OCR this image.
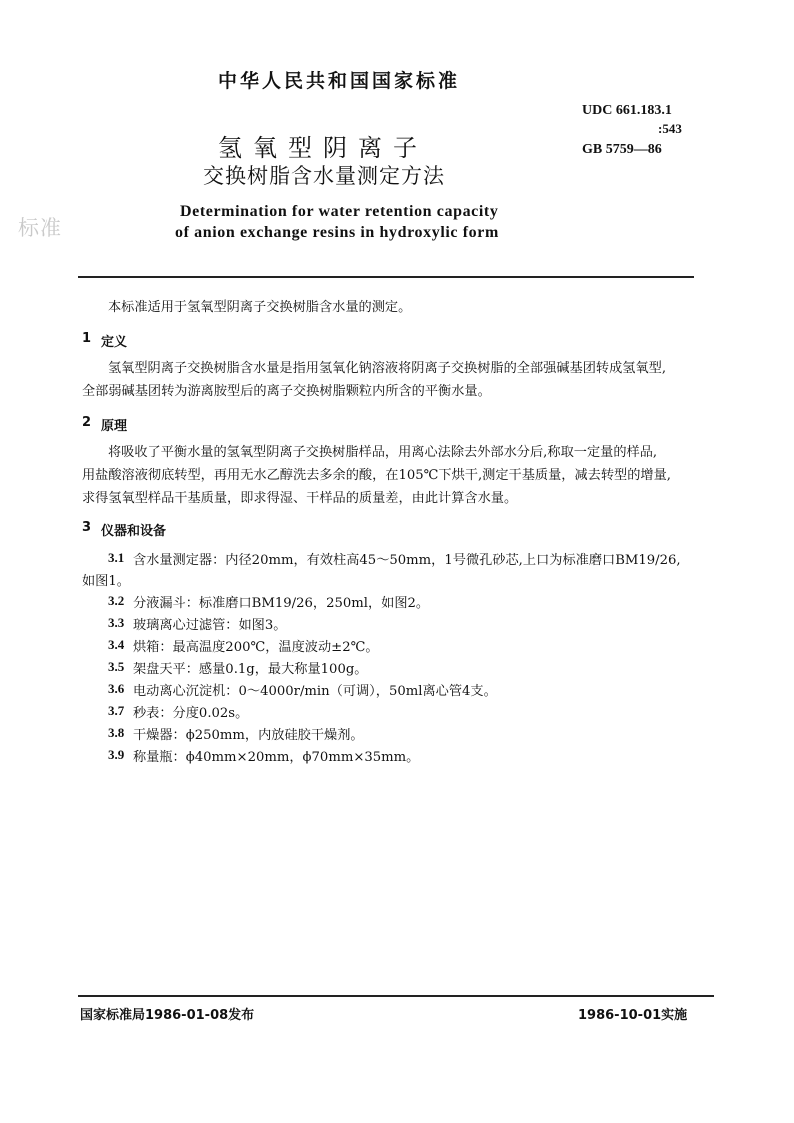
中华人民共和国国家标准
UDC 661.183.1
:543
GB 5759—86
氢氧型阴离子
交换树脂含水量测定方法
标准
Determination for water retention capacity
of anion exchange resins in hydroxylic form
本标准适用于氢氧型阴离子交换树脂含水量的测定。
1 定义
氢氧型阴离子交换树脂含水量是指用氢氧化钠溶液将阴离子交换树脂的全部强碱基团转成氢氧型,
全部弱碱基团转为游离胺型后的离子交换树脂颗粒内所含的平衡水量。
2 原理
将吸收了平衡水量的氢氧型阴离子交换树脂样品，用离心法除去外部水分后,称取一定量的样品,
用盐酸溶液彻底转型，再用无水乙醇洗去多余的酸，在105℃下烘干,测定干基质量，减去转型的增量,
求得氢氧型样品干基质量，即求得湿、干样品的质量差，由此计算含水量。
3 仪器和设备
3.1 含水量测定器：内径20mm，有效柱高45～50mm，1号微孔砂芯,上口为标准磨口BM19/26,
如图1。
3.2 分液漏斗：标准磨口BM19/26，250ml，如图2。
3.3 玻璃离心过滤管：如图3。
3.4 烘箱：最高温度200℃，温度波动±2℃。
3.5 架盘天平：感量0.1g，最大称量100g。
3.6 电动离心沉淀机：0～4000r/min（可调），50ml离心管4支。
3.7 秒表：分度0.02s。
3.8 干燥器：ϕ250mm，内放硅胶干燥剂。
3.9 称量瓶：ϕ40mm×20mm，ϕ70mm×35mm。
国家标准局1986-01-08发布	1986-10-01实施
